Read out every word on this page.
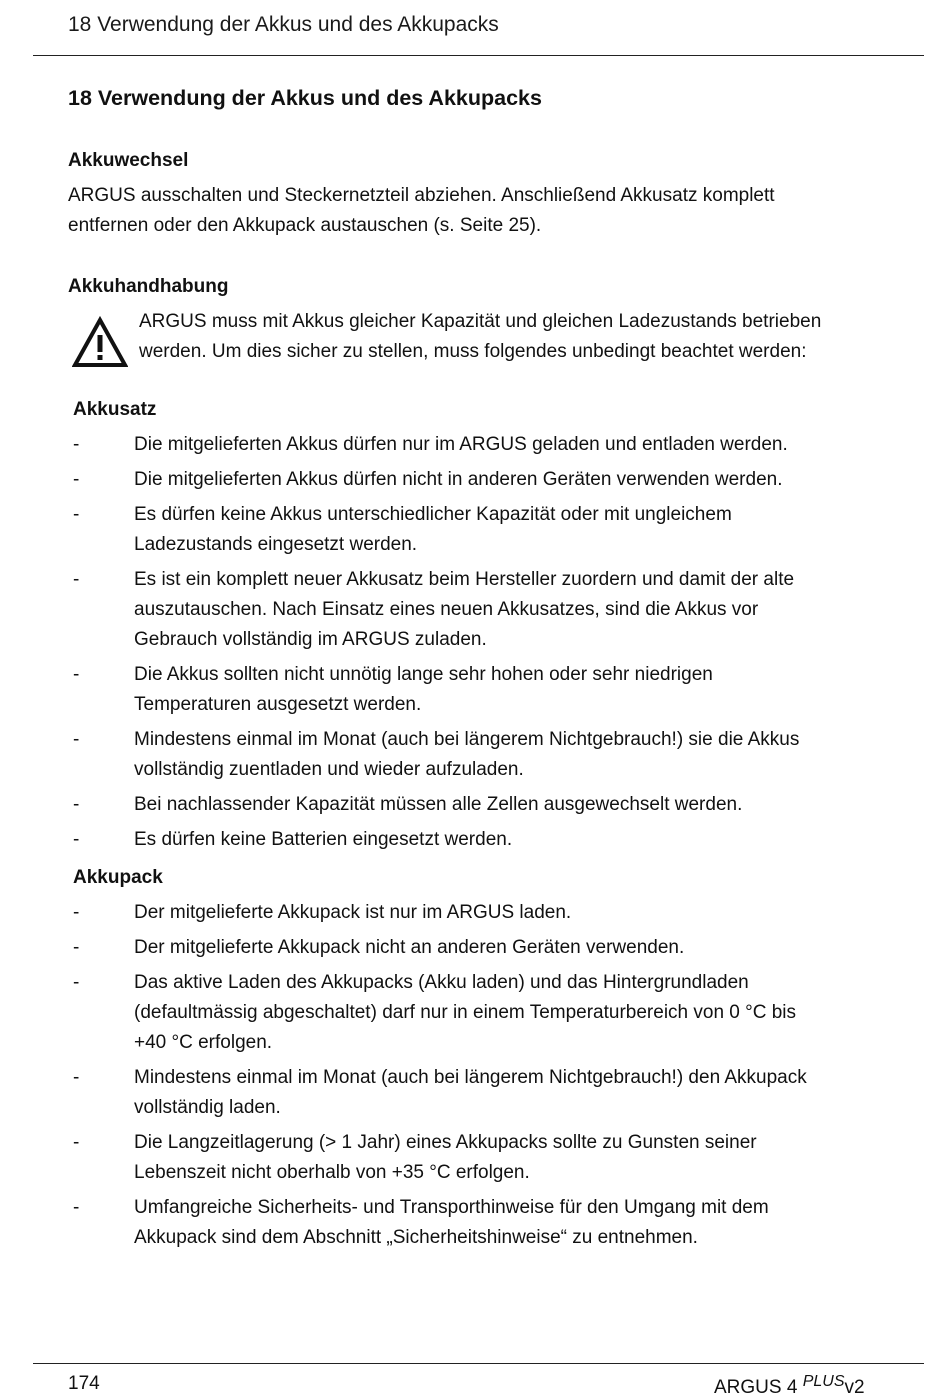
18 Verwendung der Akkus und des Akkupacks
18 Verwendung der Akkus und des Akkupacks
Akkuwechsel

ARGUS ausschalten und Steckernetzteil abziehen. Anschließend Akkusatz komplett
entfernen oder den Akkupack austauschen (s. Seite 25).

Akkuhandhabung

ARGUS muss mit Akkus gleicher Kapazität und gleichen Ladezustands betrieben
werden. Um dies sicher zu stellen, muss folgendes unbedingt beachtet werden:

Akkusatz
-	Die mitgelieferten Akkus dürfen nur im ARGUS geladen und entladen werden.
-	Die mitgelieferten Akkus dürfen nicht in anderen Geräten verwenden werden.
-	Es dürfen keine Akkus unterschiedlicher Kapazität oder mit ungleichem
Ladezustands eingesetzt werden.
-	Es ist ein komplett neuer Akkusatz beim Hersteller zuordern und damit der alte
auszutauschen. Nach Einsatz eines neuen Akkusatzes, sind die Akkus vor
Gebrauch vollständig im ARGUS zuladen.
-	Die Akkus sollten nicht unnötig lange sehr hohen oder sehr niedrigen
Temperaturen ausgesetzt werden.
-	Mindestens einmal im Monat (auch bei längerem Nichtgebrauch!) sie die Akkus
vollständig zuentladen und wieder aufzuladen.
-	Bei nachlassender Kapazität müssen alle Zellen ausgewechselt werden.
-	Es dürfen keine Batterien eingesetzt werden.
Akkupack
-	Der mitgelieferte Akkupack ist nur im ARGUS laden.
-	Der mitgelieferte Akkupack nicht an anderen Geräten verwenden.
-	Das aktive Laden des Akkupacks (Akku laden) und das Hintergrundladen
(defaultmässig abgeschaltet) darf nur in einem Temperaturbereich von 0 °C bis
+40 °C erfolgen.
-	Mindestens einmal im Monat (auch bei längerem Nichtgebrauch!) den Akkupack
vollständig laden.
-	Die Langzeitlagerung (> 1 Jahr) eines Akkupacks sollte zu Gunsten seiner
Lebenszeit nicht oberhalb von +35 °C erfolgen.
-	Umfangreiche Sicherheits- und Transporthinweise für den Umgang mit dem
Akkupack sind dem Abschnitt „Sicherheitshinweise“ zu entnehmen.
174	ARGUS 4 $^{PLUS}$v2
